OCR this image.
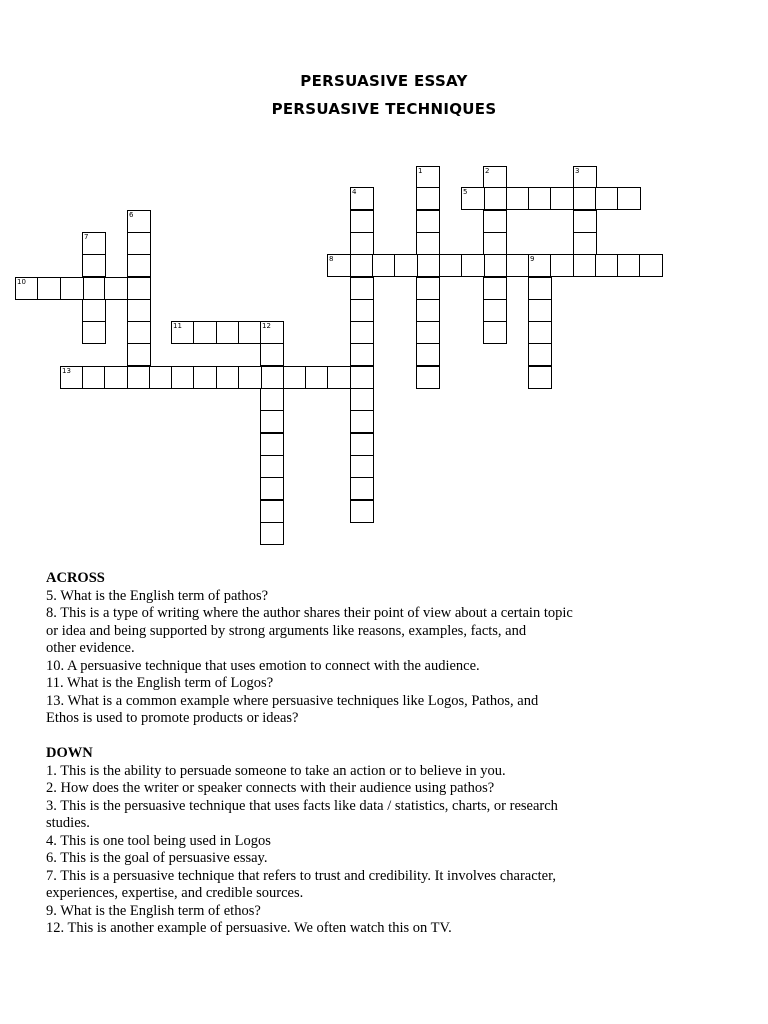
PERSUASIVE ESSAY
PERSUASIVE TECHNIQUES
1	2	3
4	5
6
7
8	9
10
11	12
13
ACROSS
5. What is the English term of pathos?
8. This is a type of writing where the author shares their point of view about a certain topic
or idea and being supported by strong arguments like reasons, examples, facts, and
other evidence.
10. A persuasive technique that uses emotion to connect with the audience.
11. What is the English term of Logos?
13. What is a common example where persuasive techniques like Logos, Pathos, and
Ethos is used to promote products or ideas?
DOWN
1. This is the ability to persuade someone to take an action or to believe in you.
2. How does the writer or speaker connects with their audience using pathos?
3. This is the persuasive technique that uses facts like data / statistics, charts, or research
studies.
4. This is one tool being used in Logos
6. This is the goal of persuasive essay.
7. This is a persuasive technique that refers to trust and credibility. It involves character,
experiences, expertise, and credible sources.
9. What is the English term of ethos?
12. This is another example of persuasive. We often watch this on TV.
